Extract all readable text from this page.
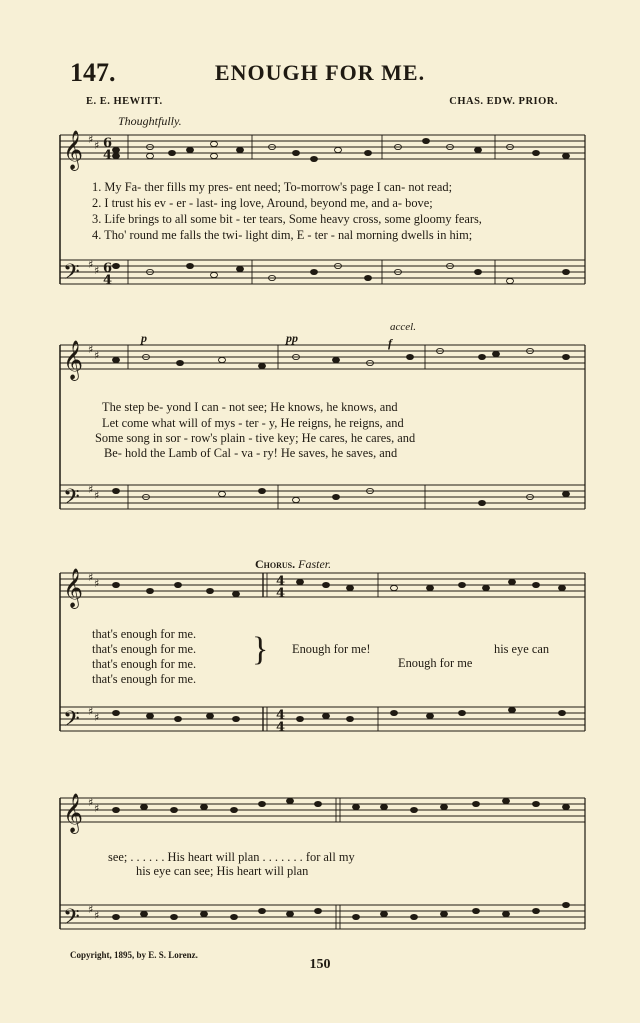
147.	ENOUGH FOR ME.
E. E. HEWITT.	CHAS. EDW. PRIOR.
𝄞
𝄢
𝄞
𝄢
𝄞
𝄢
𝄞
𝄢
♯ ♯
♯ ♯
♯ ♯
♯ ♯
♯ ♯
♯ ♯
♯ ♯
♯ ♯
6
4
6
4
4
4
4
4
Thoughtfully.
p	pp
accel.
f
1. My Fa- ther fills my pres- ent need; To-morrow's page I can- not read;
2. I trust his ev - er - last- ing love, Around, beyond me, and a- bove;
3. Life brings to all some bit - ter tears, Some heavy cross, some gloomy fears,
4. Tho' round me falls the twi- light dim, E - ter - nal morning dwells in him;
The step be- yond I can - not see; He knows, he knows, and
Let come what will of mys - ter - y, He reigns, he reigns, and
Some song in sor - row's plain - tive key; He cares, he cares, and
Be- hold the Lamb of Cal - va - ry! He saves, he saves, and
Chorus. Faster.
that's enough for me.
that's enough for me.
that's enough for me.
that's enough for me.
} Enough for me!	his eye can
Enough for me
see; . . . . . . His heart will plan . . . . . . . for all my
his eye can see; His heart will plan
Copyright, 1895, by E. S. Lorenz.
150
